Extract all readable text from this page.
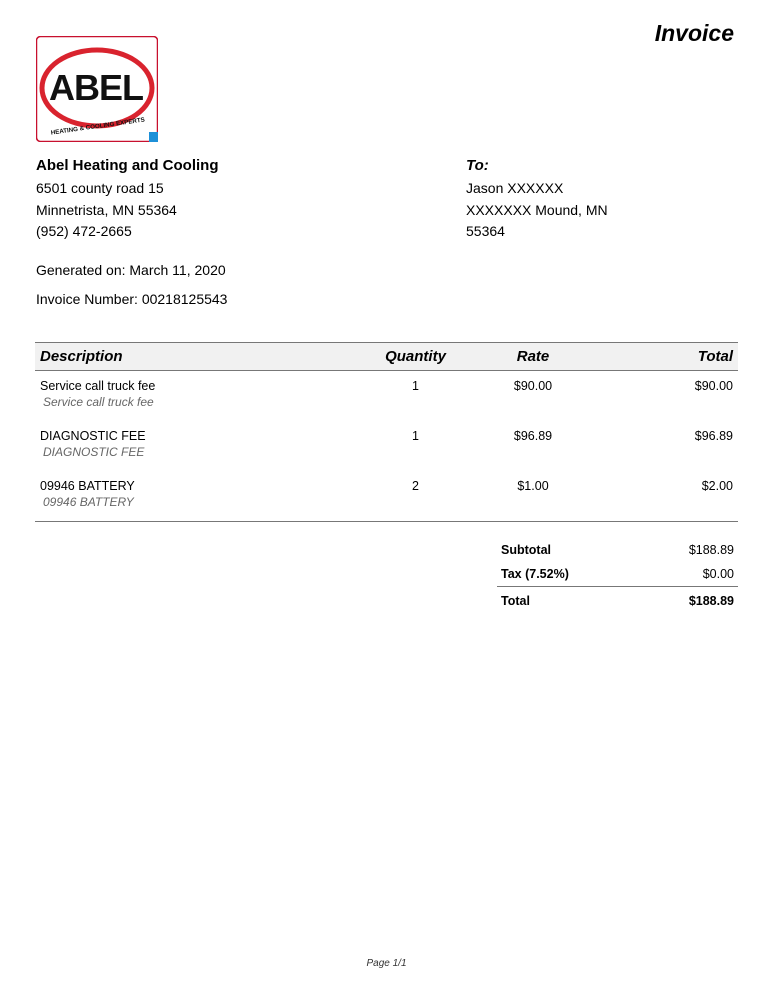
Invoice
ABEL
HEATING & COOLING EXPERTS
Abel Heating and Cooling
6501 county road 15
Minnetrista, MN 55364
(952) 472-2665
To:
Jason XXXXXX
XXXXXXX Mound, MN
55364
Generated on: March 11, 2020
Invoice Number: 00218125543
Description	Quantity	Rate	Total
Service call truck fee	1	$90.00	$90.00
Service call truck fee			
DIAGNOSTIC FEE	1	$96.89	$96.89
DIAGNOSTIC FEE			
09946 BATTERY	2	$1.00	$2.00
09946 BATTERY			
Subtotal	$188.89
Tax (7.52%)	$0.00
Total	$188.89
Page 1/1
